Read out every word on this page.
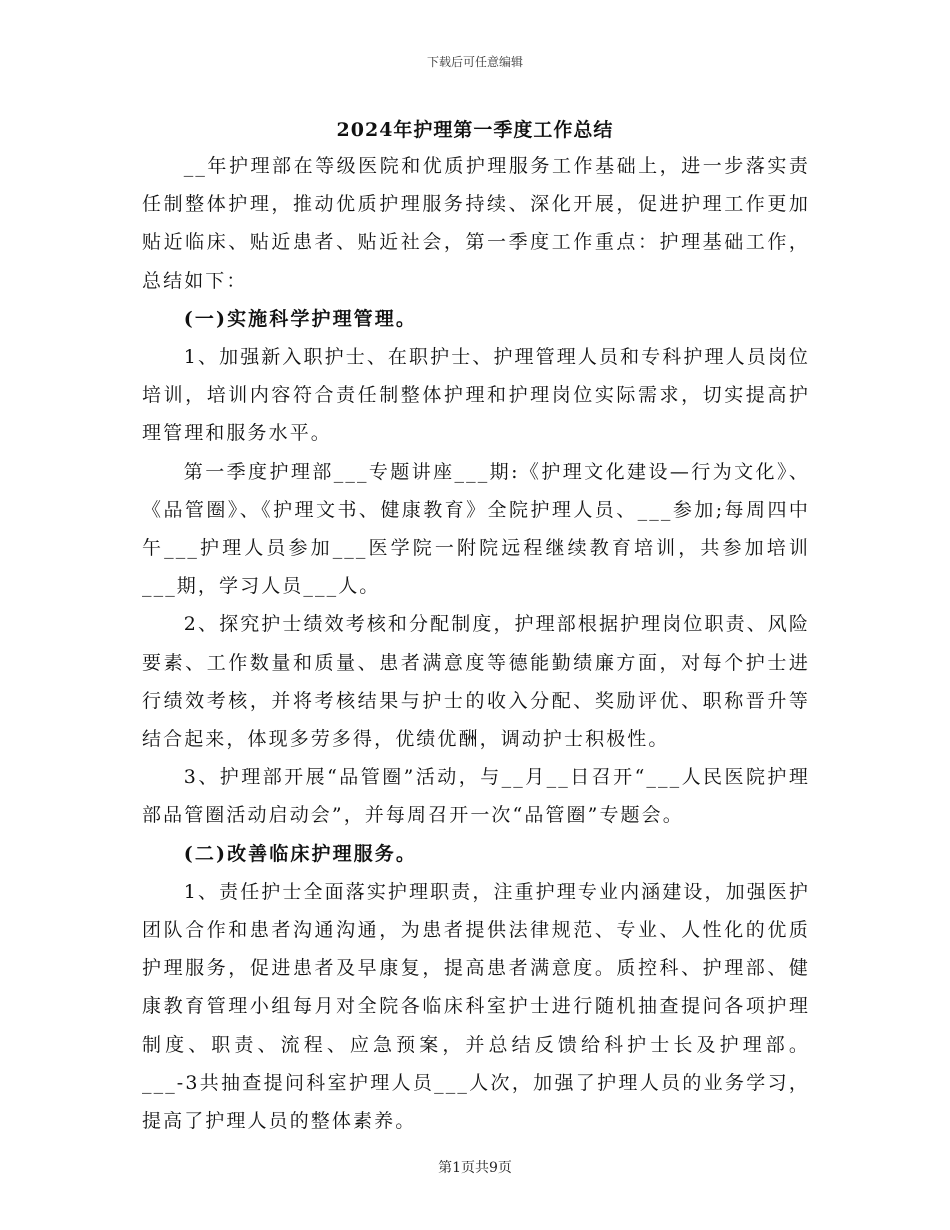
下载后可任意编辑
2024年护理第一季度工作总结

__年护理部在等级医院和优质护理服务工作基础上，进一步落实责任制整体护理，推动优质护理服务持续、深化开展，促进护理工作更加贴近临床、贴近患者、贴近社会，第一季度工作重点：护理基础工作，总结如下：

(一)实施科学护理管理。

1、加强新入职护士、在职护士、护理管理人员和专科护理人员岗位培训，培训内容符合责任制整体护理和护理岗位实际需求，切实提高护理管理和服务水平。

第一季度护理部___专题讲座___期:《护理文化建设—行为文化》、《品管圈》、《护理文书、健康教育》全院护理人员、___参加;每周四中午___护理人员参加___医学院一附院远程继续教育培训，共参加培训___期，学习人员___人。

2、探究护士绩效考核和分配制度，护理部根据护理岗位职责、风险要素、工作数量和质量、患者满意度等德能勤绩廉方面，对每个护士进行绩效考核，并将考核结果与护士的收入分配、奖励评优、职称晋升等结合起来，体现多劳多得，优绩优酬，调动护士积极性。

3、护理部开展“品管圈”活动，与__月__日召开“___人民医院护理部品管圈活动启动会”，并每周召开一次“品管圈”专题会。

(二)改善临床护理服务。

1、责任护士全面落实护理职责，注重护理专业内涵建设，加强医护团队合作和患者沟通沟通，为患者提供法律规范、专业、人性化的优质护理服务，促进患者及早康复，提高患者满意度。质控科、护理部、健康教育管理小组每月对全院各临床科室护士进行随机抽查提问各项护理制度、职责、流程、应急预案，并总结反馈给科护士长及护理部。___-3共抽查提问科室护理人员___人次，加强了护理人员的业务学习，提高了护理人员的整体素养。

第1页共9页
